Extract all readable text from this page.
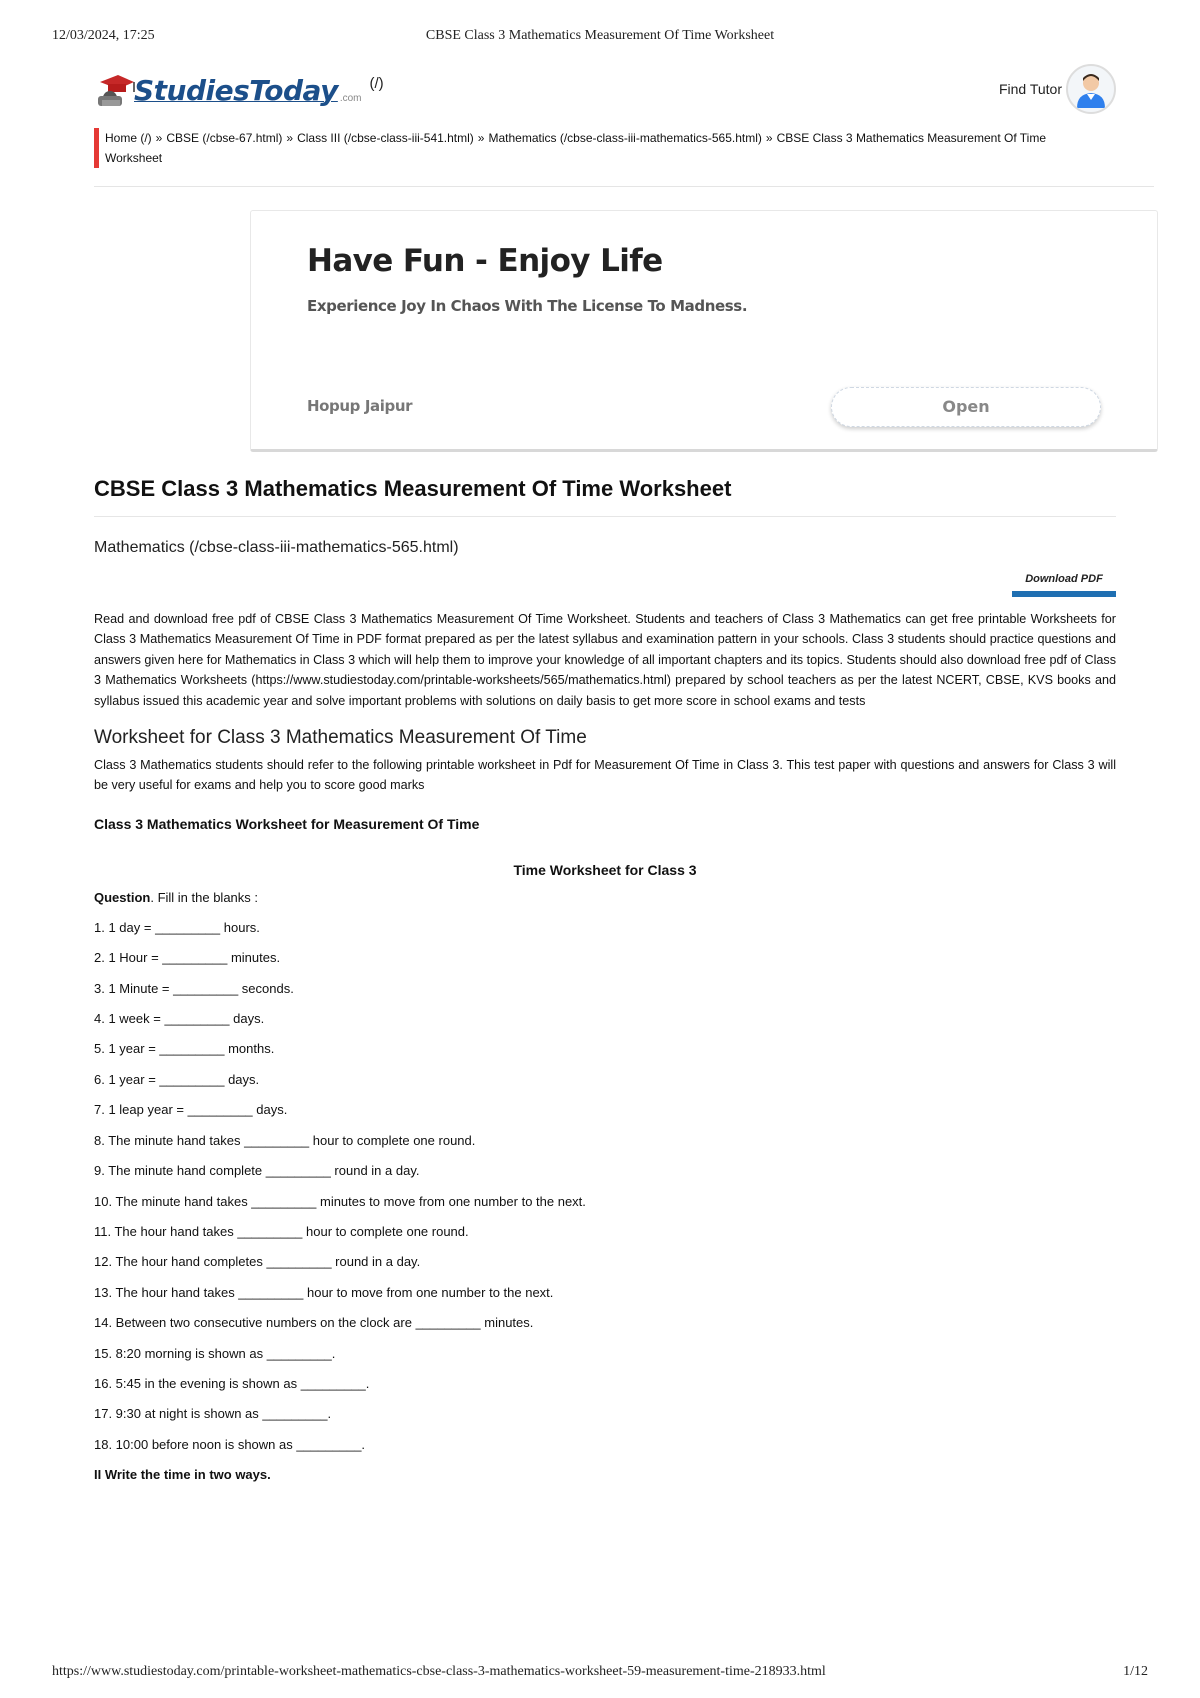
12/03/2024, 17:25	CBSE Class 3 Mathematics Measurement Of Time Worksheet
StudiesToday .com
(/)	Find Tutor
Home (/) » CBSE (/cbse-67.html) » Class III (/cbse-class-iii-541.html) » Mathematics (/cbse-class-iii-mathematics-565.html) » CBSE Class 3 Mathematics Measurement Of Time Worksheet
Have Fun - Enjoy Life
Experience Joy In Chaos With The License To Madness.
Hopup Jaipur	Open
CBSE Class 3 Mathematics Measurement Of Time Worksheet
Mathematics (/cbse-class-iii-mathematics-565.html)
Download PDF
Read and download free pdf of CBSE Class 3 Mathematics Measurement Of Time Worksheet. Students and teachers of Class 3 Mathematics can get free printable Worksheets for Class 3 Mathematics Measurement Of Time in PDF format prepared as per the latest syllabus and examination pattern in your schools. Class 3 students should practice questions and answers given here for Mathematics in Class 3 which will help them to improve your knowledge of all important chapters and its topics. Students should also download free pdf of Class 3 Mathematics Worksheets (https://www.studiestoday.com/printable-worksheets/565/mathematics.html) prepared by school teachers as per the latest NCERT, CBSE, KVS books and syllabus issued this academic year and solve important problems with solutions on daily basis to get more score in school exams and tests
Worksheet for Class 3 Mathematics Measurement Of Time
Class 3 Mathematics students should refer to the following printable worksheet in Pdf for Measurement Of Time in Class 3. This test paper with questions and answers for Class 3 will be very useful for exams and help you to score good marks
Class 3 Mathematics Worksheet for Measurement Of Time
Time Worksheet for Class 3
Question. Fill in the blanks :
1. 1 day = _________ hours.
2. 1 Hour = _________ minutes.
3. 1 Minute = _________ seconds.
4. 1 week = _________ days.
5. 1 year = _________ months.
6. 1 year = _________ days.
7. 1 leap year = _________ days.
8. The minute hand takes _________ hour to complete one round.
9. The minute hand complete _________ round in a day.
10. The minute hand takes _________ minutes to move from one number to the next.
11. The hour hand takes _________ hour to complete one round.
12. The hour hand completes _________ round in a day.
13. The hour hand takes _________ hour to move from one number to the next.
14. Between two consecutive numbers on the clock are _________ minutes.
15. 8:20 morning is shown as _________.
16. 5:45 in the evening is shown as _________.
17. 9:30 at night is shown as _________.
18. 10:00 before noon is shown as _________.
II Write the time in two ways.
https://www.studiestoday.com/printable-worksheet-mathematics-cbse-class-3-mathematics-worksheet-59-measurement-time-218933.html	1/12
